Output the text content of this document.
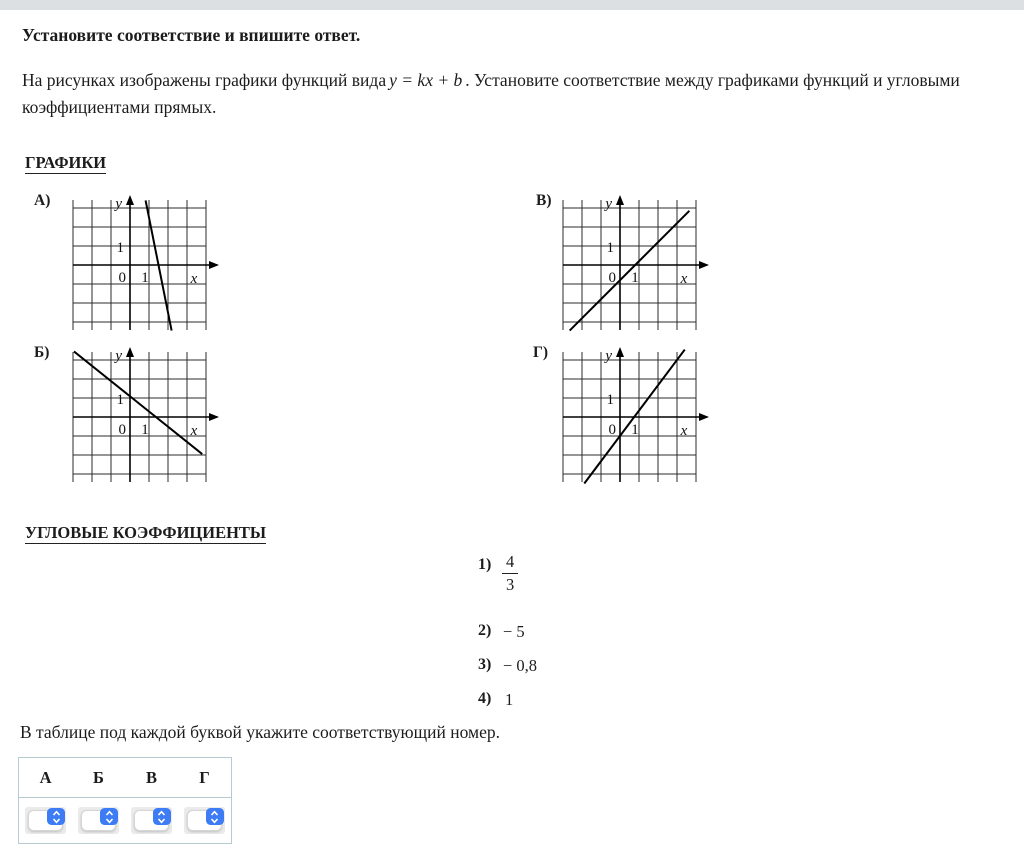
Установите соответствие и впишите ответ.
На рисунках изображены графики функций вида y = kx + b . Установите соответствие между графиками функций и угловыми коэффициентами прямых.
ГРАФИКИ
А)
Б)
В)
Г)
y
x
0
1
1
y
x
0
1
1
y
x
0
1
1
y
x
0
1
1
УГЛОВЫЕ КОЭФФИЦИЕНТЫ
$1) \frac{4}{3}$
2) − 5
3) − 0,8
4) 1
В таблице под каждой буквой укажите соответствующий номер.
А	Б	В	Г
